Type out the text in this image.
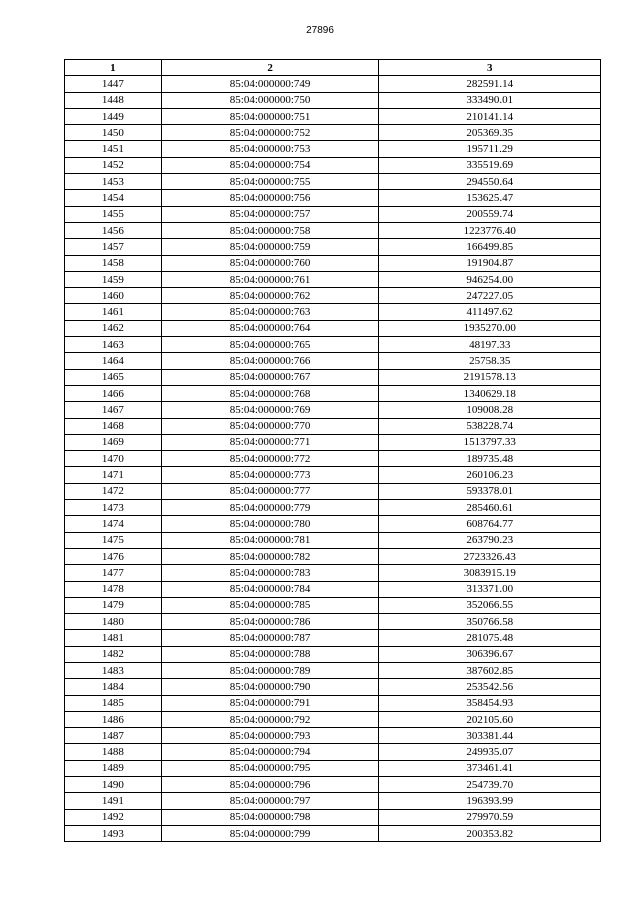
27896
1	2	3
1447	85:04:000000:749	282591.14
1448	85:04:000000:750	333490.01
1449	85:04:000000:751	210141.14
1450	85:04:000000:752	205369.35
1451	85:04:000000:753	195711.29
1452	85:04:000000:754	335519.69
1453	85:04:000000:755	294550.64
1454	85:04:000000:756	153625.47
1455	85:04:000000:757	200559.74
1456	85:04:000000:758	1223776.40
1457	85:04:000000:759	166499.85
1458	85:04:000000:760	191904.87
1459	85:04:000000:761	946254.00
1460	85:04:000000:762	247227.05
1461	85:04:000000:763	411497.62
1462	85:04:000000:764	1935270.00
1463	85:04:000000:765	48197.33
1464	85:04:000000:766	25758.35
1465	85:04:000000:767	2191578.13
1466	85:04:000000:768	1340629.18
1467	85:04:000000:769	109008.28
1468	85:04:000000:770	538228.74
1469	85:04:000000:771	1513797.33
1470	85:04:000000:772	189735.48
1471	85:04:000000:773	260106.23
1472	85:04:000000:777	593378.01
1473	85:04:000000:779	285460.61
1474	85:04:000000:780	608764.77
1475	85:04:000000:781	263790.23
1476	85:04:000000:782	2723326.43
1477	85:04:000000:783	3083915.19
1478	85:04:000000:784	313371.00
1479	85:04:000000:785	352066.55
1480	85:04:000000:786	350766.58
1481	85:04:000000:787	281075.48
1482	85:04:000000:788	306396.67
1483	85:04:000000:789	387602.85
1484	85:04:000000:790	253542.56
1485	85:04:000000:791	358454.93
1486	85:04:000000:792	202105.60
1487	85:04:000000:793	303381.44
1488	85:04:000000:794	249935.07
1489	85:04:000000:795	373461.41
1490	85:04:000000:796	254739.70
1491	85:04:000000:797	196393.99
1492	85:04:000000:798	279970.59
1493	85:04:000000:799	200353.82
